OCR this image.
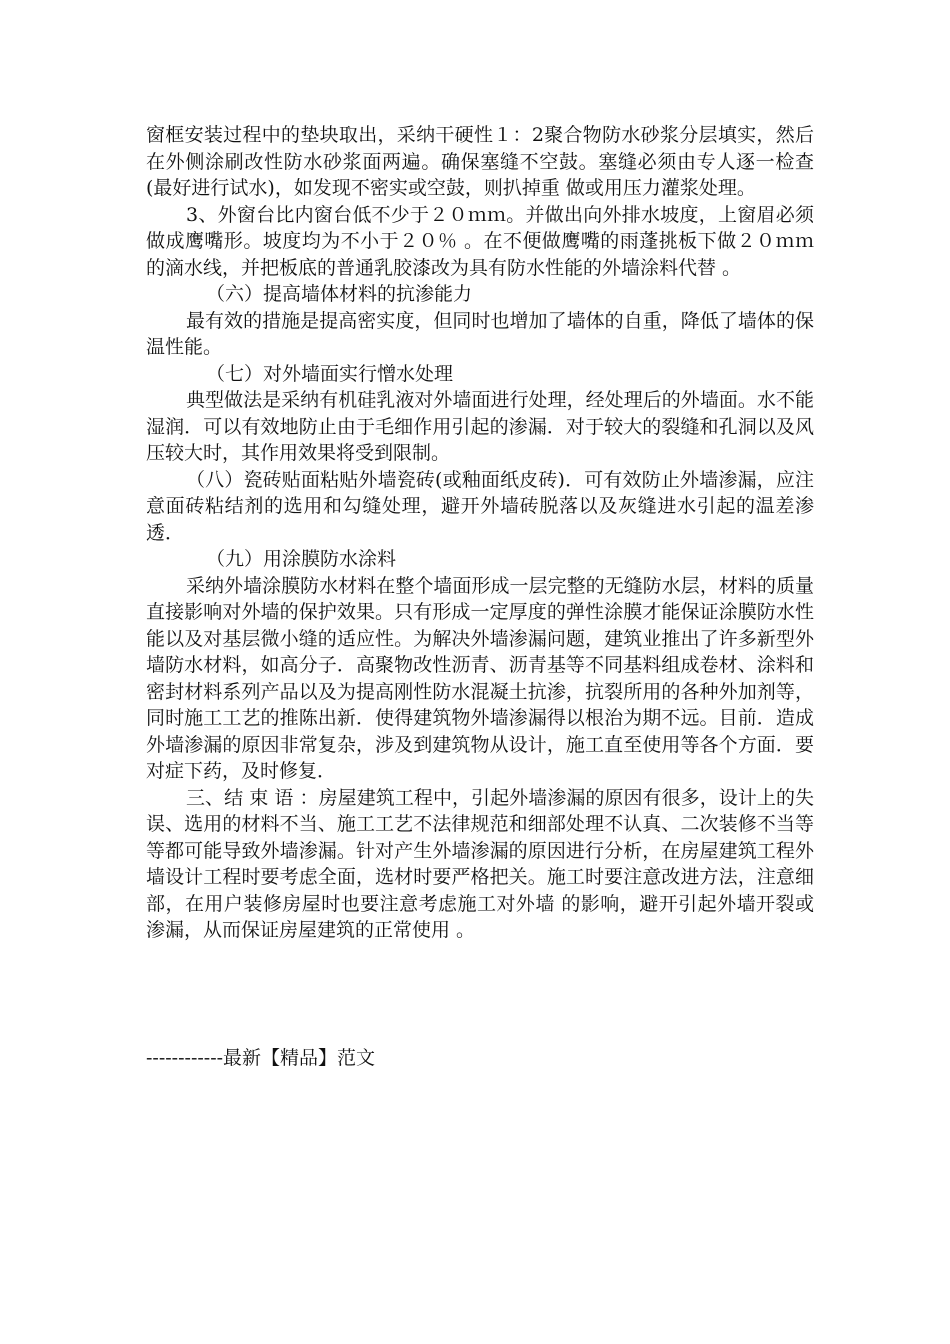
窗框安装过程中的垫块取出，采纳干硬性１：2聚合物防水砂浆分层填实，然后在外侧涂刷改性防水砂浆面两遍。确保塞缝不空鼓。塞缝必须由专人逐一检查(最好进行试水)，如发现不密实或空鼓，则扒掉重 做或用压力灌浆处理。

3、外窗台比内窗台低不少于２０ｍｍ。并做出向外排水坡度，上窗眉必须做成鹰嘴形。坡度均为不小于２０％ 。在不便做鹰嘴的雨蓬挑板下做２０ｍｍ的滴水线，并把板底的普通乳胶漆改为具有防水性能的外墙涂料代替 。

（六）提高墙体材料的抗渗能力

最有效的措施是提高密实度，但同时也增加了墙体的自重，降低了墙体的保温性能。

（七）对外墙面实行憎水处理

典型做法是采纳有机硅乳液对外墙面进行处理，经处理后的外墙面。水不能湿润．可以有效地防止由于毛细作用引起的渗漏．对于较大的裂缝和孔洞以及风压较大时，其作用效果将受到限制。

（八）瓷砖贴面粘贴外墙瓷砖(或釉面纸皮砖)．可有效防止外墙渗漏，应注意面砖粘结剂的选用和勾缝处理，避开外墙砖脱落以及灰缝进水引起的温差渗透．

（九）用涂膜防水涂料

采纳外墙涂膜防水材料在整个墙面形成一层完整的无缝防水层，材料的质量直接影响对外墙的保护效果。只有形成一定厚度的弹性涂膜才能保证涂膜防水性能以及对基层微小缝的适应性。为解决外墙渗漏问题，建筑业推出了许多新型外墙防水材料，如高分子．高聚物改性沥青、沥青基等不同基料组成卷材、涂料和密封材料系列产品以及为提高刚性防水混凝土抗渗，抗裂所用的各种外加剂等，同时施工工艺的推陈出新．使得建筑物外墙渗漏得以根治为期不远。目前．造成外墙渗漏的原因非常复杂，涉及到建筑物从设计，施工直至使用等各个方面．要对症下药，及时修复．

三、结 束 语 ：房屋建筑工程中，引起外墙渗漏的原因有很多，设计上的失误、选用的材料不当、施工工艺不法律规范和细部处理不认真、二次装修不当等等都可能导致外墙渗漏。针对产生外墙渗漏的原因进行分析，在房屋建筑工程外墙设计工程时要考虑全面，选材时要严格把关。施工时要注意改进方法，注意细部，在用户装修房屋时也要注意考虑施工对外墙 的影响，避开引起外墙开裂或渗漏，从而保证房屋建筑的正常使用 。

------------最新【精品】范文
